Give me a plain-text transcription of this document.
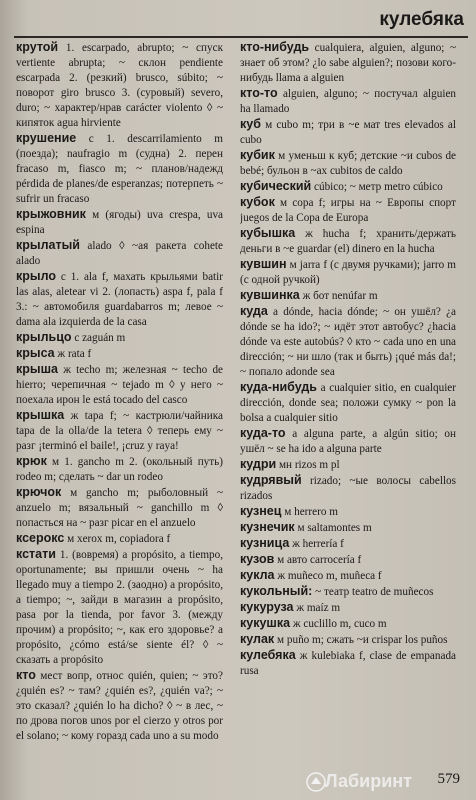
кулебяка

крутой 1. escarpado, abrupto; ~ спуск vertiente abrupta; ~ склон pendiente escarpada 2. (резкий) brusco, súbito; ~ поворот giro brusco 3. (суровый) severo, duro; ~ характер/нрав carácter violento ◊ ~ кипяток agua hirviente

крушение с 1. descarrilamiento m (поезда); naufragio m (судна) 2. перен fracaso m, fiasco m; ~ планов/надежд pérdida de planes/de esperanzas; потерпеть ~ sufrir un fracaso

крыжовник м (ягоды) uva crespa, uva espina

крылатый alado ◊ ~ая ракета cohete alado

крыло с 1. ala f, махать крыльями batir las alas, aletear vi 2. (лопасть) aspa f, pala f 3.: ~ автомобиля guardabarros m; левое ~ dama ala izquierda de la casa

крыльцо с zaguán m

крыса ж rata f

крыша ж techo m; железная ~ techo de hierro; черепичная ~ tejado m ◊ у него ~ поехала ирон le está tocado del casco

крышка ж tapa f; ~ кастрюли/чайника tapa de la olla/de la tetera ◊ теперь ему ~ разг ¡terminó el baile!, ¡cruz y raya!

крюк м 1. gancho m 2. (окольный путь) rodeo m; сделать ~ dar un rodeo

крючок м gancho m; рыболовный ~ anzuelo m; вязальный ~ ganchillo m ◊ попасться на ~ разг picar en el anzuelo

ксерокс м xerox m, copiadora f

кстати 1. (вовремя) a propósito, a tiempo, oportunamente; вы пришли очень ~ ha llegado muy a tiempo 2. (заодно) a propósito, a tiempo; ~, зайди в магазин a propósito, pasa por la tienda, por favor 3. (между прочим) a propósito; ~, как его здоровье? a propósito, ¿cómo está/se siente él? ◊ ~ сказать a propósito

кто мест вопр, относ quién, quien; ~ это? ¿quién es? ~ там? ¿quién es?, ¿quién va?; ~ это сказал? ¿quién lo ha dicho? ◊ ~ в лес, ~ по дрова погов unos por el cierzo y otros por el solano; ~ кому горазд cada uno a su modo

кто-нибудь cualquiera, alguien, alguno; ~ знает об этом? ¿lo sabe alguien?; позови кого-нибудь llama a alguien

кто-то alguien, alguno; ~ постучал alguien ha llamado

куб м cubo m; три в ~е мат tres elevados al cubo

кубик м уменьш к куб; детские ~и cubos de bebé; бульон в ~ах cubitos de caldo

кубический cúbico; ~ метр metro cúbico

кубок м copa f; игры на ~ Европы спорт juegos de la Copa de Europa

кубышка ж hucha f; хранить/держать деньги в ~е guardar (el) dinero en la hucha

кувшин м jarra f (с двумя ручками); jarro m (с одной ручкой)

кувшинка ж бот nenúfar m

куда a dónde, hacia dónde; ~ он ушёл? ¿a dónde se ha ido?; ~ идёт этот автобус? ¿hacia dónde va este autobús? ◊ кто ~ cada uno en una dirección; ~ ни шло (так и быть) ¡qué más da!; ~ попало adonde sea

куда-нибудь a cualquier sitio, en cualquier dirección, donde sea; положи сумку ~ pon la bolsa a cualquier sitio

куда-то a alguna parte, a algún sitio; он ушёл ~ se ha ido a alguna parte

кудри мн rizos m pl

кудрявый rizado; ~ые волосы cabellos rizados

кузнец м herrero m

кузнечик м saltamontes m

кузница ж herrería f

кузов м авто carrocería f

кукла ж muñeco m, muñeca f

кукольный: ~ театр teatro de muñecos

кукуруза ж maíz m

кукушка ж cuclillo m, cuco m

кулак м puño m; сжать ~и crispar los puños

кулебяка ж kulebiaka f, clase de empanada rusa

Лабиринт 579
